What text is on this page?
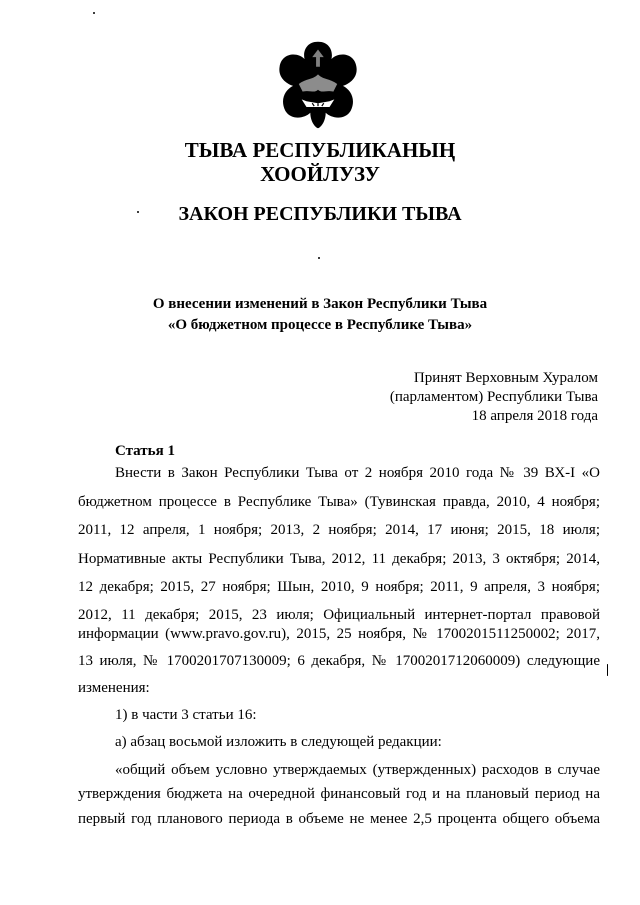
ТЫВА РЕСПУБЛИКАНЫҢ
ХООЙЛУЗУ
ЗАКОН РЕСПУБЛИКИ ТЫВА
О внесении изменений в Закон Республики Тыва
«О бюджетном процессе в Республике Тыва»
Принят Верховным Хуралом
(парламентом) Республики Тыва
18 апреля 2018 года
Статья 1
Внести в Закон Республики Тыва от 2 ноября 2010 года № 39 ВХ-I «О
бюджетном процессе в Республике Тыва» (Тувинская правда, 2010, 4 ноября;
2011, 12 апреля, 1 ноября; 2013, 2 ноября; 2014, 17 июня; 2015, 18 июля;
Нормативные акты Республики Тыва, 2012, 11 декабря; 2013, 3 октября; 2014,
12 декабря; 2015, 27 ноября; Шын, 2010, 9 ноября; 2011, 9 апреля, 3 ноября;
2012, 11 декабря; 2015, 23 июля; Официальный интернет-портал правовой
информации (www.pravo.gov.ru), 2015, 25 ноября, № 1700201511250002; 2017,
13 июля, № 1700201707130009; 6 декабря, № 1700201712060009) следующие
изменения:
1) в части 3 статьи 16:
а) абзац восьмой изложить в следующей редакции:
«общий объем условно утверждаемых (утвержденных) расходов в случае
утверждения бюджета на очередной финансовый год и на плановый период на
первый год планового периода в объеме не менее 2,5 процента общего объема
